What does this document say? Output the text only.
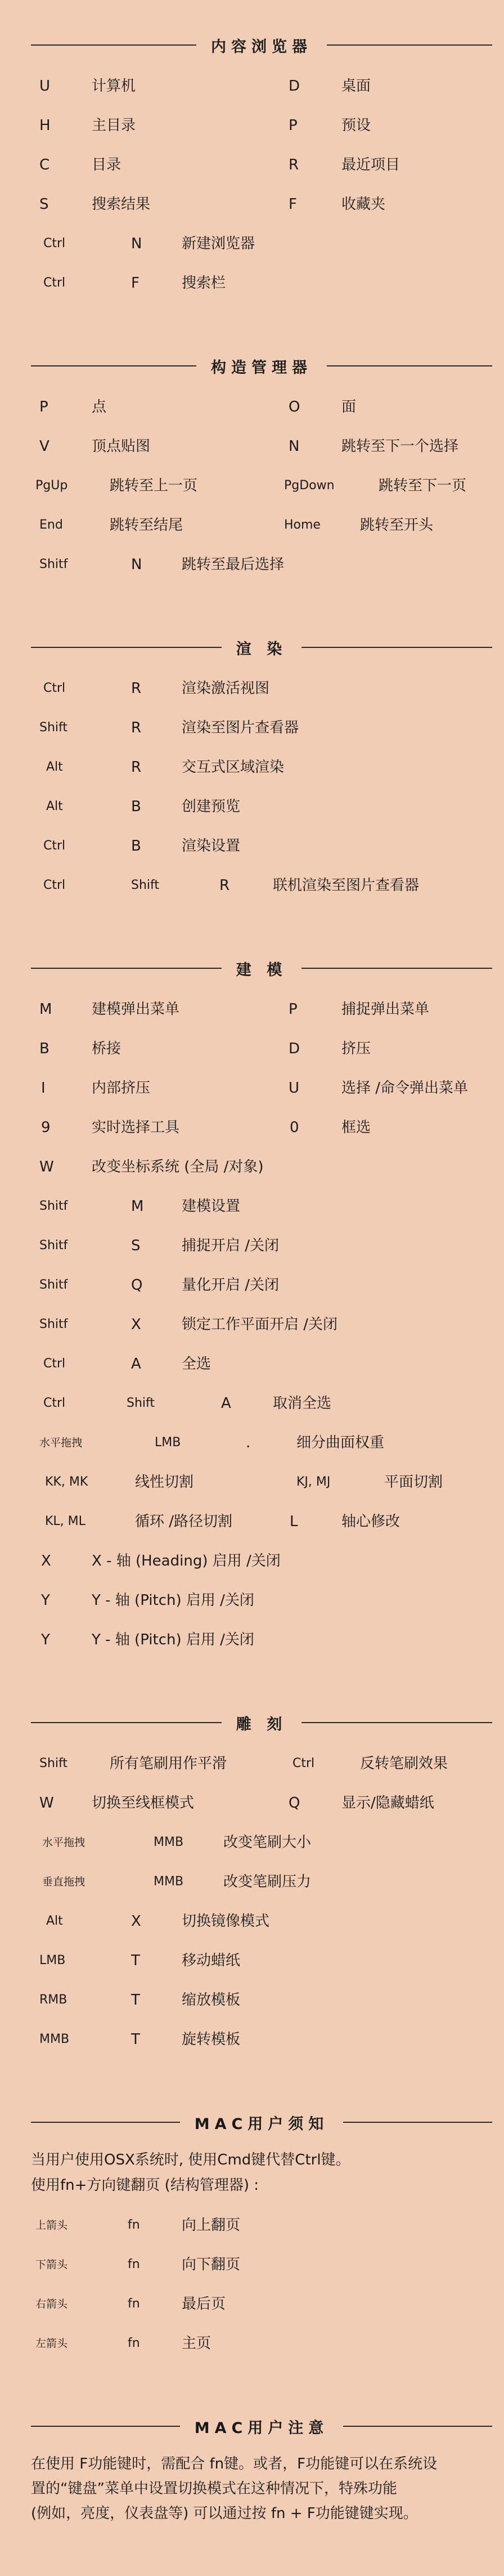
内容浏览器
U	计算机	D	桌面
H	主目录	P	预设
C	目录	R	最近项目
S	搜索结果	F	收藏夹
Ctrl	N	新建浏览器
Ctrl	F	搜索栏
构造管理器
P	点	O	面
V	顶点贴图	N	跳转至下一个选择
PgUp	跳转至上一页	PgDown	跳转至下一页
End	跳转至结尾	Home	跳转至开头
Shitf	N	跳转至最后选择
渲 染
Ctrl	R	渲染激活视图
Shift	R	渲染至图片查看器
Alt	R	交互式区域渲染
Alt	B	创建预览
Ctrl	B	渲染设置
Ctrl	Shift	R	联机渲染至图片查看器
建 模
M	建模弹出菜单	P	捕捉弹出菜单
B	桥接	D	挤压
I	内部挤压	U	选择 /命令弹出菜单
9	实时选择工具	0	框选
W	改变坐标系统 (全局 /对象)
Shitf	M	建模设置
Shitf	S	捕捉开启 /关闭
Shitf	Q	量化开启 /关闭
Shitf	X	锁定工作平面开启 /关闭
Ctrl	A	全选
Ctrl	Shift	A	取消全选
水平拖拽	LMB	.	细分曲面权重
KK, MK	线性切割	KJ, MJ	平面切割
KL, ML	循环 /路径切割	L	轴心修改
X	X - 轴 (Heading) 启用 /关闭
Y	Y - 轴 (Pitch) 启用 /关闭
Y	Y - 轴 (Pitch) 启用 /关闭
雕 刻
Shift	所有笔刷用作平滑	Ctrl	反转笔刷效果
W	切换至线框模式	Q	显示/隐藏蜡纸
水平拖拽	MMB	改变笔刷大小
垂直拖拽	MMB	改变笔刷压力
Alt	X	切换镜像模式
LMB	T	移动蜡纸
RMB	T	缩放模板
MMB	T	旋转模板
MAC用户须知
当用户使用OSX系统时, 使用Cmd键代替Ctrl键。
使用fn+方向键翻页 (结构管理器) :
上箭头	fn	向上翻页
下箭头	fn	向下翻页
右箭头	fn	最后页
左箭头	fn	主页
MAC用户注意
在使用 F功能键时，需配合 fn键。或者，F功能键可以在系统设
置的“键盘”菜单中设置切换模式在这种情况下，特殊功能
(例如，亮度，仪表盘等) 可以通过按 fn + F功能键键实现。
